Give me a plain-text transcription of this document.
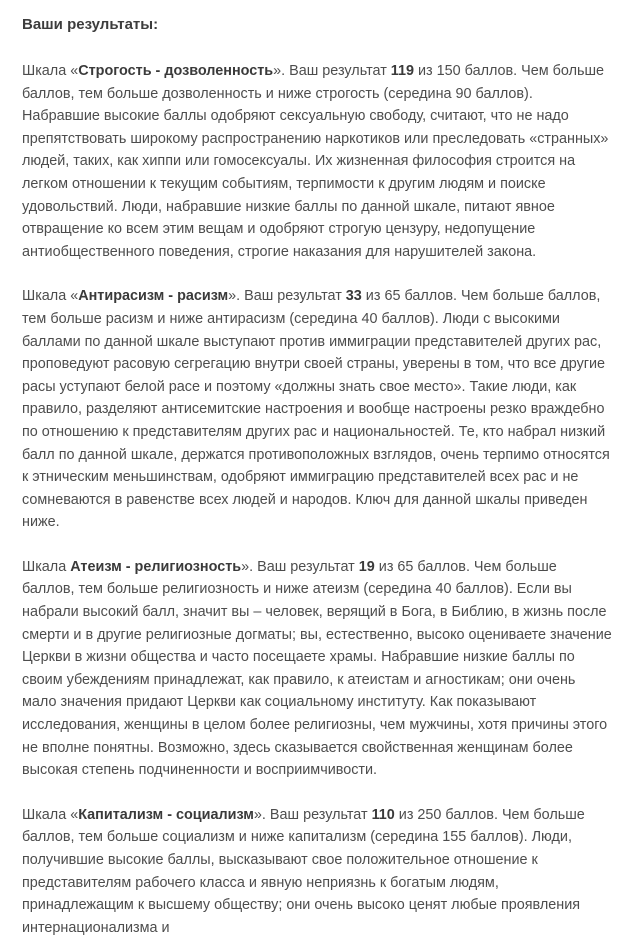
Ваши результаты:

Шкала «Строгость - дозволенность». Ваш результат 119 из 150 баллов. Чем больше баллов, тем больше дозволенность и ниже строгость (середина 90 баллов). Набравшие высокие баллы одобряют сексуальную свободу, считают, что не надо препятствовать широкому распространению наркотиков или преследовать «странных» людей, таких, как хиппи или гомосексуалы. Их жизненная философия строится на легком отношении к текущим событиям, терпимости к другим людям и поиске удовольствий. Люди, набравшие низкие баллы по данной шкале, питают явное отвращение ко всем этим вещам и одобряют строгую цензуру, недопущение антиобщественного поведения, строгие наказания для нарушителей закона.

Шкала «Антирасизм - расизм». Ваш результат 33 из 65 баллов. Чем больше баллов, тем больше расизм и ниже антирасизм (середина 40 баллов). Люди с высокими баллами по данной шкале выступают против иммиграции представителей других рас, проповедуют расовую сегрегацию внутри своей страны, уверены в том, что все другие расы уступают белой расе и поэтому «должны знать свое место». Такие люди, как правило, разделяют антисемитские настроения и вообще настроены резко враждебно по отношению к представителям других рас и национальностей. Те, кто набрал низкий балл по данной шкале, держатся противоположных взглядов, очень терпимо относятся к этническим меньшинствам, одобряют иммиграцию представителей всех рас и не сомневаются в равенстве всех людей и народов. Ключ для данной шкалы приведен ниже.

Шкала Атеизм - религиозность». Ваш результат 19 из 65 баллов. Чем больше баллов, тем больше религиозность и ниже атеизм (середина 40 баллов). Если вы набрали высокий балл, значит вы – человек, верящий в Бога, в Библию, в жизнь после смерти и в другие религиозные догматы; вы, естественно, высоко оцениваете значение Церкви в жизни общества и часто посещаете храмы. Набравшие низкие баллы по своим убеждениям принадлежат, как правило, к атеистам и агностикам; они очень мало значения придают Церкви как социальному институту. Как показывают исследования, женщины в целом более религиозны, чем мужчины, хотя причины этого не вполне понятны. Возможно, здесь сказывается свойственная женщинам более высокая степень подчиненности и восприимчивости.

Шкала «Капитализм - социализм». Ваш результат 110 из 250 баллов. Чем больше баллов, тем больше социализм и ниже капитализм (середина 155 баллов). Люди, получившие высокие баллы, высказывают свое положительное отношение к представителям рабочего класса и явную неприязнь к богатым людям, принадлежащим к высшему обществу; они очень высоко ценят любые проявления интернационализма и
